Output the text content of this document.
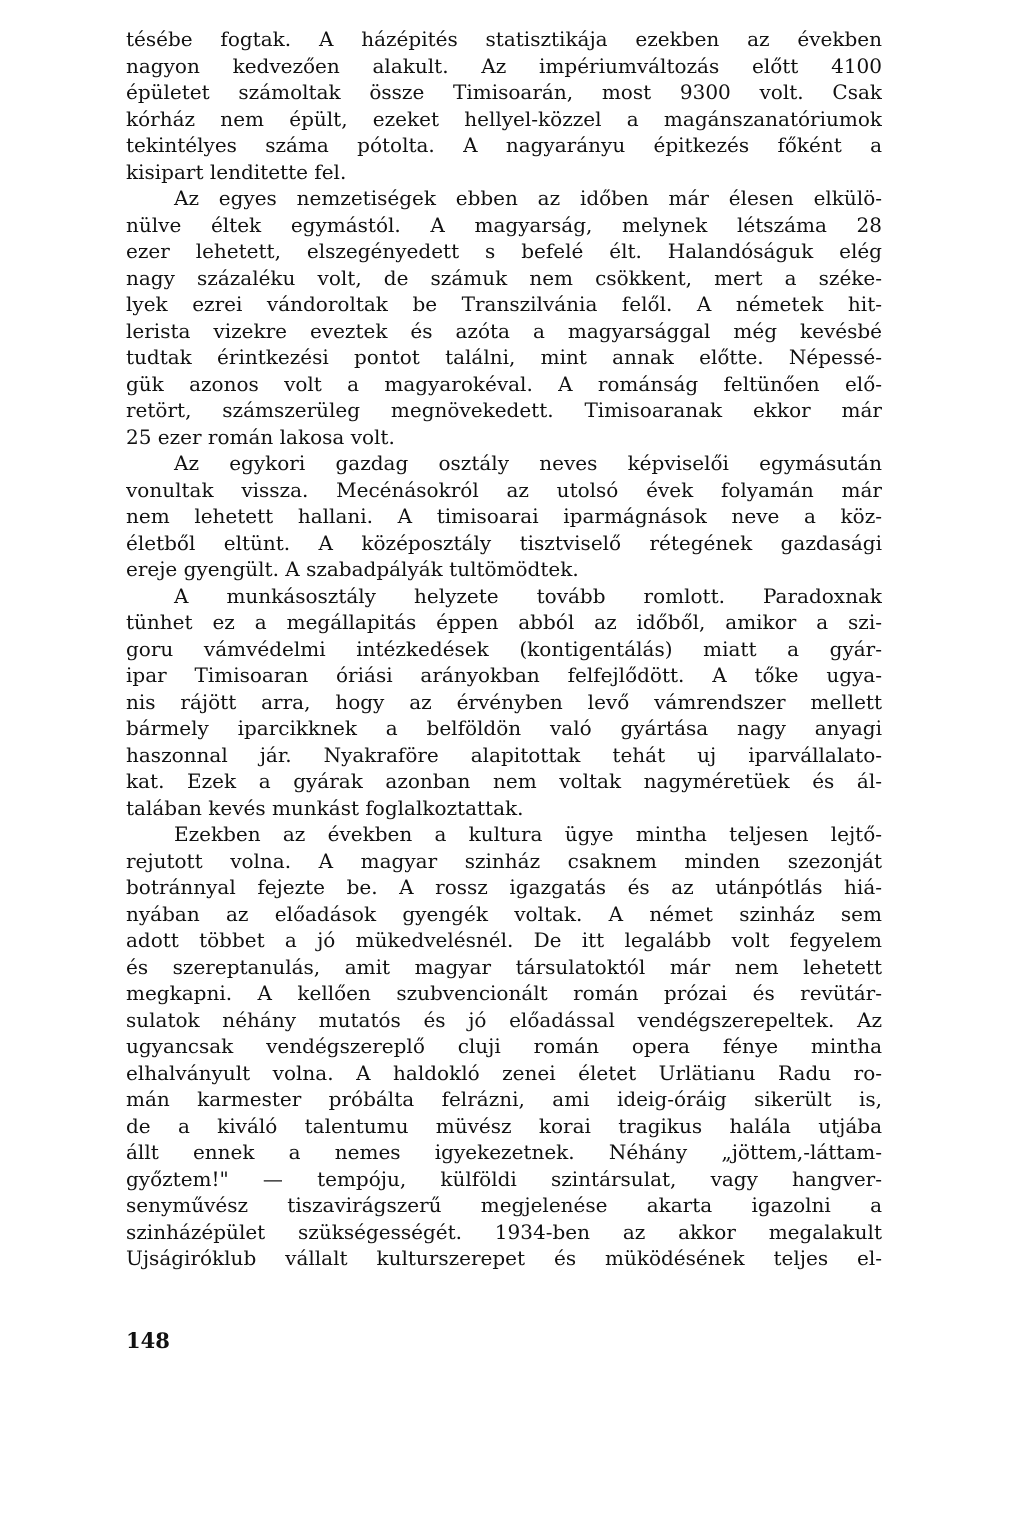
tésébe fogtak. A házépités statisztikája ezekben az években
nagyon kedvezően alakult. Az impériumváltozás előtt 4100
épületet számoltak össze Timisoarán, most 9300 volt. Csak
kórház nem épült, ezeket hellyel-közzel a magánszanatóriumok
tekintélyes száma pótolta. A nagyarányu épitkezés főként a
kisipart lenditette fel.
Az egyes nemzetiségek ebben az időben már élesen elkülö-
nülve éltek egymástól. A magyarság, melynek létszáma 28
ezer lehetett, elszegényedett s befelé élt. Halandóságuk elég
nagy százaléku volt, de számuk nem csökkent, mert a széke-
lyek ezrei vándoroltak be Transzilvánia felől. A németek hit-
lerista vizekre eveztek és azóta a magyarsággal még kevésbé
tudtak érintkezési pontot találni, mint annak előtte. Népessé-
gük azonos volt a magyarokéval. A románság feltünően elő-
retört, számszerüleg megnövekedett. Timisoaranak ekkor már
25 ezer román lakosa volt.
Az egykori gazdag osztály neves képviselői egymásután
vonultak vissza. Mecénásokról az utolsó évek folyamán már
nem lehetett hallani. A timisoarai iparmágnások neve a köz-
életből eltünt. A középosztály tisztviselő rétegének gazdasági
ereje gyengült. A szabadpályák tultömödtek.
A munkásosztály helyzete tovább romlott. Paradoxnak
tünhet ez a megállapitás éppen abból az időből, amikor a szi-
goru vámvédelmi intézkedések (kontigentálás) miatt a gyár-
ipar Timisoaran óriási arányokban felfejlődött. A tőke ugya-
nis rájött arra, hogy az érvényben levő vámrendszer mellett
bármely iparcikknek a belföldön való gyártása nagy anyagi
haszonnal jár. Nyakraföre alapitottak tehát uj iparvállalato-
kat. Ezek a gyárak azonban nem voltak nagyméretüek és ál-
talában kevés munkást foglalkoztattak.
Ezekben az években a kultura ügye mintha teljesen lejtő-
rejutott volna. A magyar szinház csaknem minden szezonját
botránnyal fejezte be. A rossz igazgatás és az utánpótlás hiá-
nyában az előadások gyengék voltak. A német szinház sem
adott többet a jó mükedvelésnél. De itt legalább volt fegyelem
és szereptanulás, amit magyar társulatoktól már nem lehetett
megkapni. A kellően szubvencionált román prózai és revütár-
sulatok néhány mutatós és jó előadással vendégszerepeltek. Az
ugyancsak vendégszereplő cluji román opera fénye mintha
elhalványult volna. A haldokló zenei életet Urlätianu Radu ro-
mán karmester próbálta felrázni, ami ideig-óráig sikerült is,
de a kiváló talentumu müvész korai tragikus halála utjába
állt ennek a nemes igyekezetnek. Néhány „jöttem,-láttam-
győztem!" — tempóju, külföldi szintársulat, vagy hangver-
senyművész tiszavirágszerű megjelenése akarta igazolni a
szinházépület szükségességét. 1934-ben az akkor megalakult
Ujságiróklub vállalt kulturszerepet és müködésének teljes el-
148
